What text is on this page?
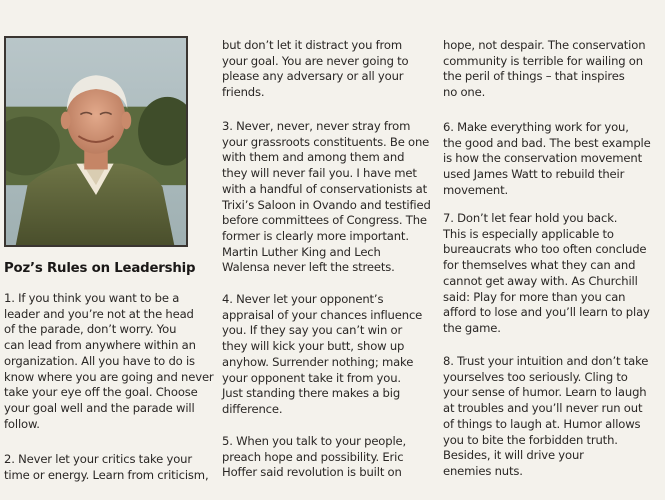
Poz’s Rules on Leadership

1. If you think you want to be a
leader and you’re not at the head
of the parade, don’t worry. You
can lead from anywhere within an
organization. All you have to do is
know where you are going and never
take your eye off the goal. Choose
your goal well and the parade will
follow.

2. Never let your critics take your
time or energy. Learn from criticism,

but don’t let it distract you from
your goal. You are never going to
please any adversary or all your
friends.

3. Never, never, never stray from
your grassroots constituents. Be one
with them and among them and
they will never fail you. I have met
with a handful of conservationists at
Trixi’s Saloon in Ovando and testified
before committees of Congress. The
former is clearly more important.
Martin Luther King and Lech
Walensa never left the streets.

4. Never let your opponent’s
appraisal of your chances influence
you. If they say you can’t win or
they will kick your butt, show up
anyhow. Surrender nothing; make
your opponent take it from you.
Just standing there makes a big
difference.

5. When you talk to your people,
preach hope and possibility. Eric
Hoffer said revolution is built on

hope, not despair. The conservation
community is terrible for wailing on
the peril of things – that inspires
no one.

6. Make everything work for you,
the good and bad. The best example
is how the conservation movement
used James Watt to rebuild their
movement.

7. Don’t let fear hold you back.
This is especially applicable to
bureaucrats who too often conclude
for themselves what they can and
cannot get away with. As Churchill
said: Play for more than you can
afford to lose and you’ll learn to play
the game.

8. Trust your intuition and don’t take
yourselves too seriously. Cling to
your sense of humor. Learn to laugh
at troubles and you’ll never run out
of things to laugh at. Humor allows
you to bite the forbidden truth.
Besides, it will drive your
enemies nuts.
